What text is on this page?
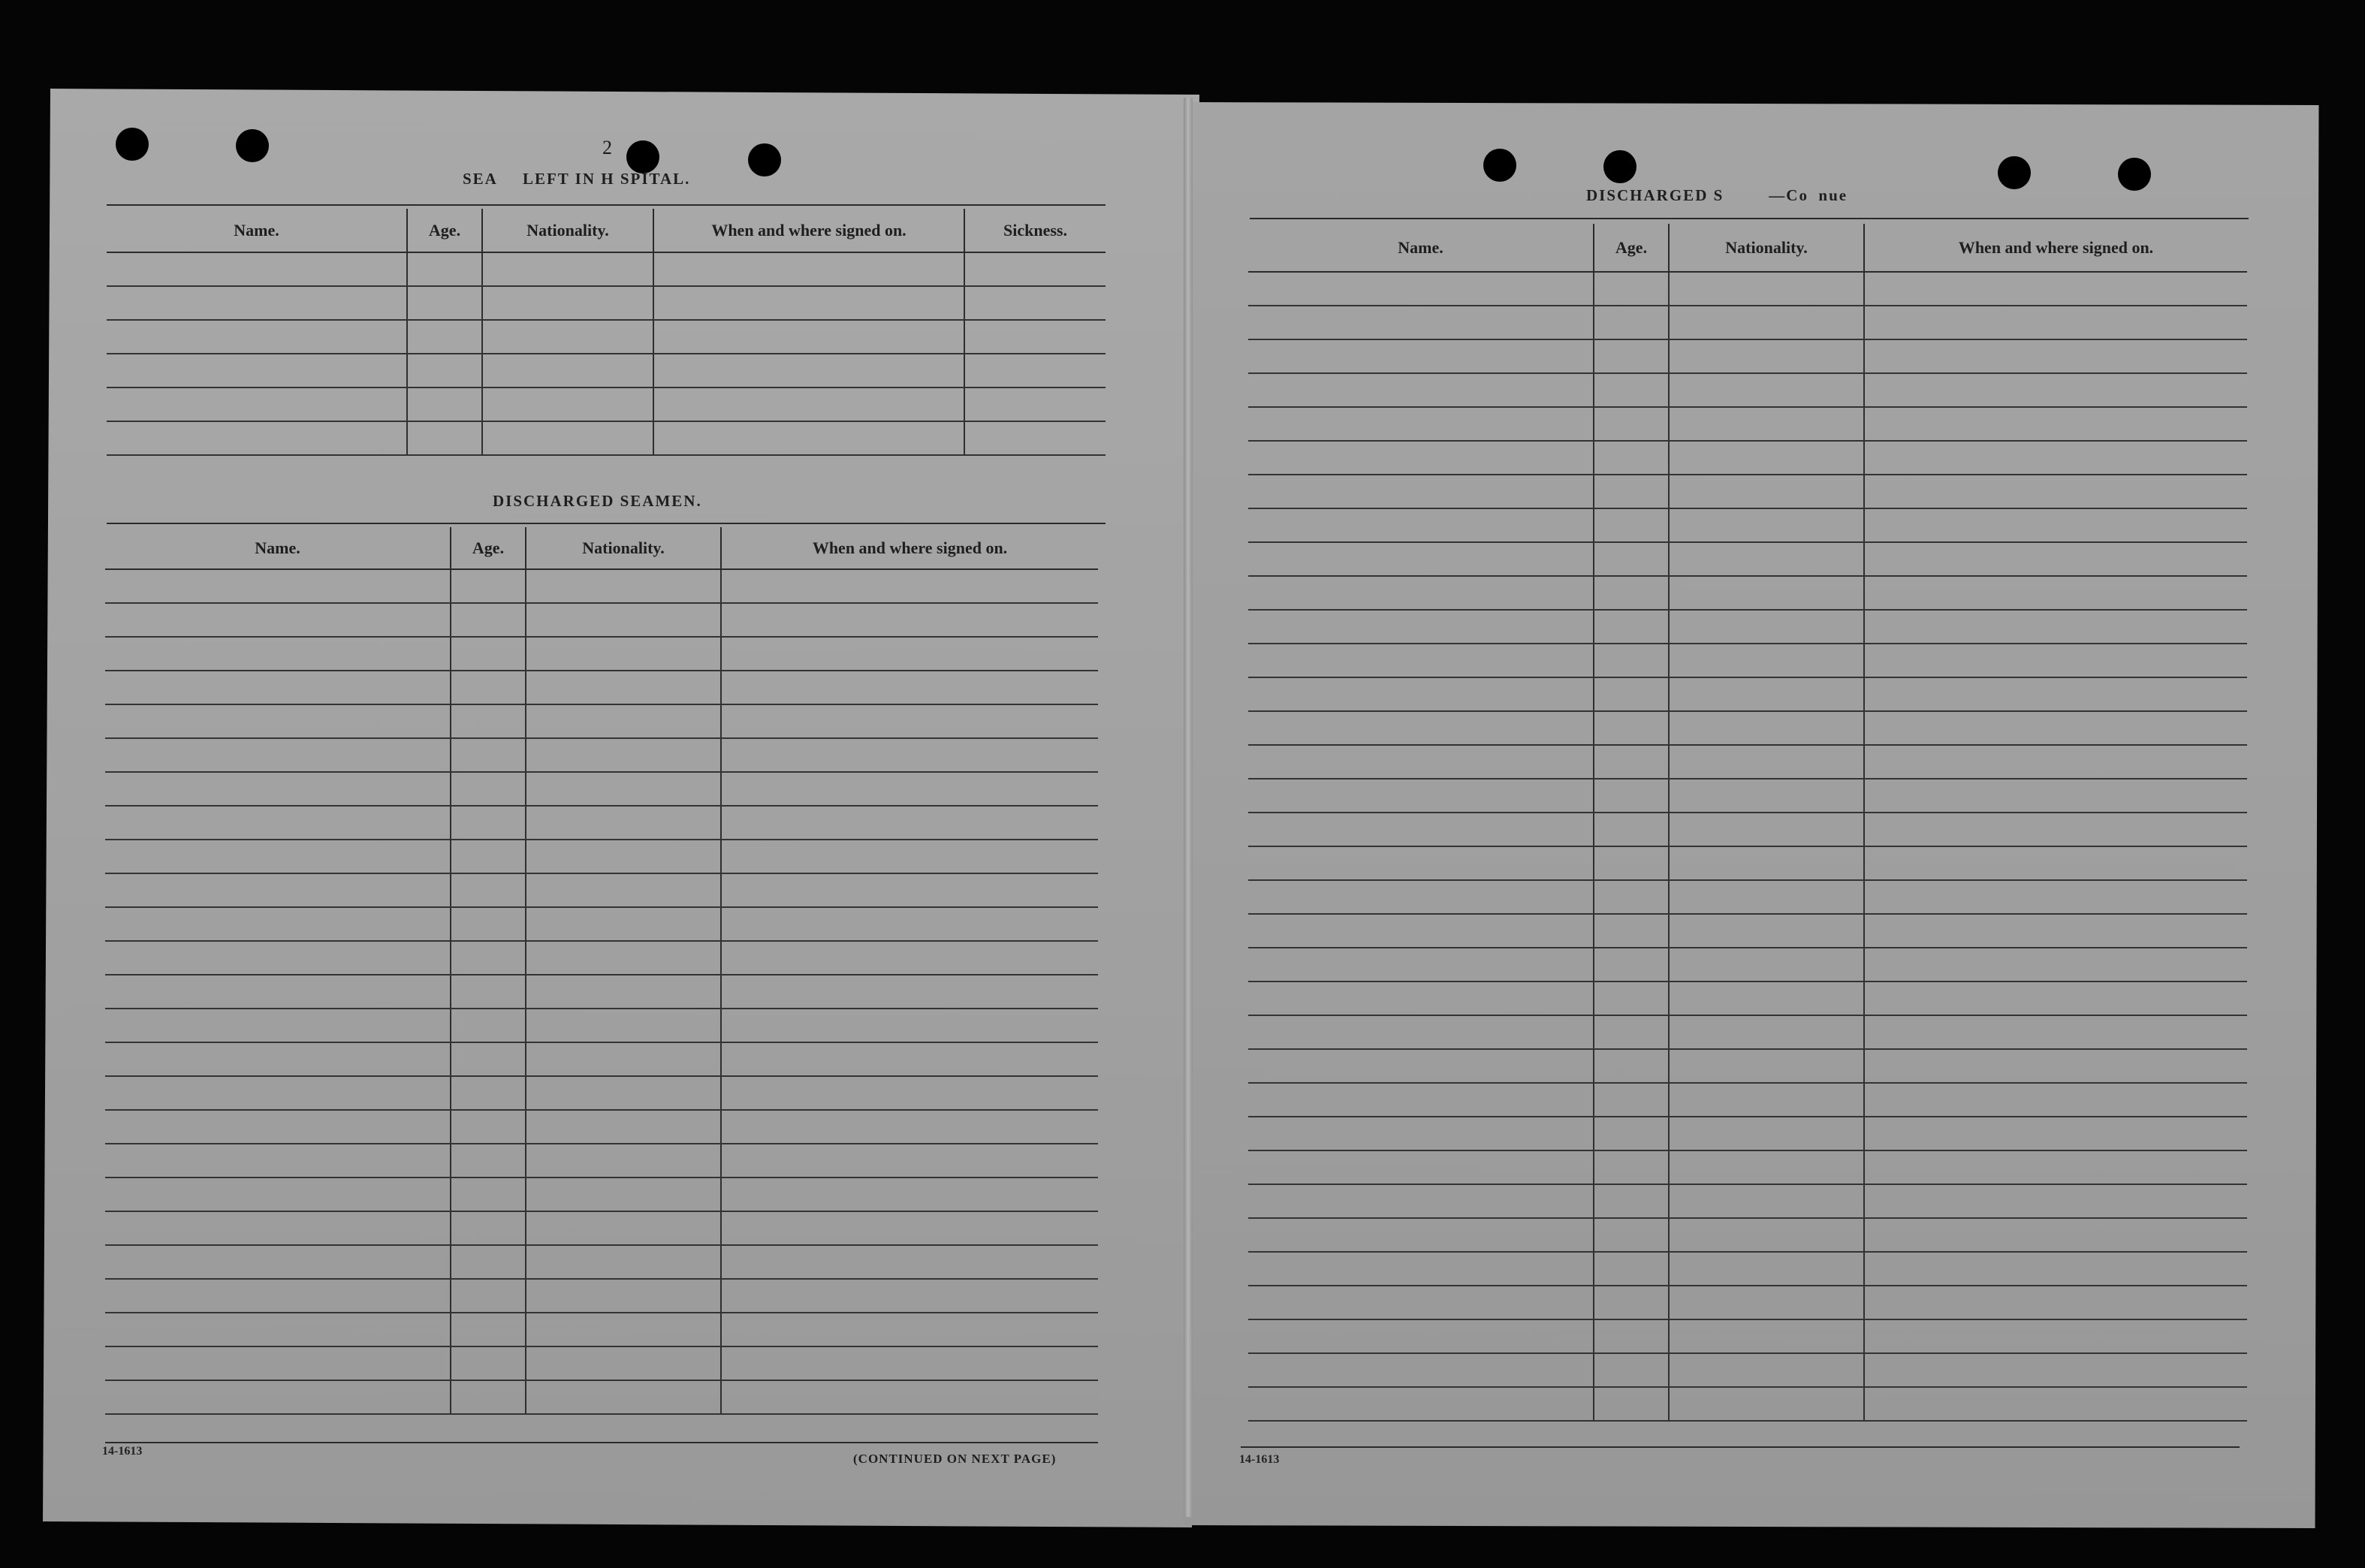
2
SEA     LEFT IN H SPITAL.
Name.	Age.	Nationality.	When and where signed on.	Sickness.

DISCHARGED SEAMEN.
Name.	Age.	Nationality.	When and where signed on.

14-1613
(CONTINUED ON NEXT PAGE)
DISCHARGED S         —Co  nue 
Name.	Age.	Nationality.	When and where signed on.

14-1613
